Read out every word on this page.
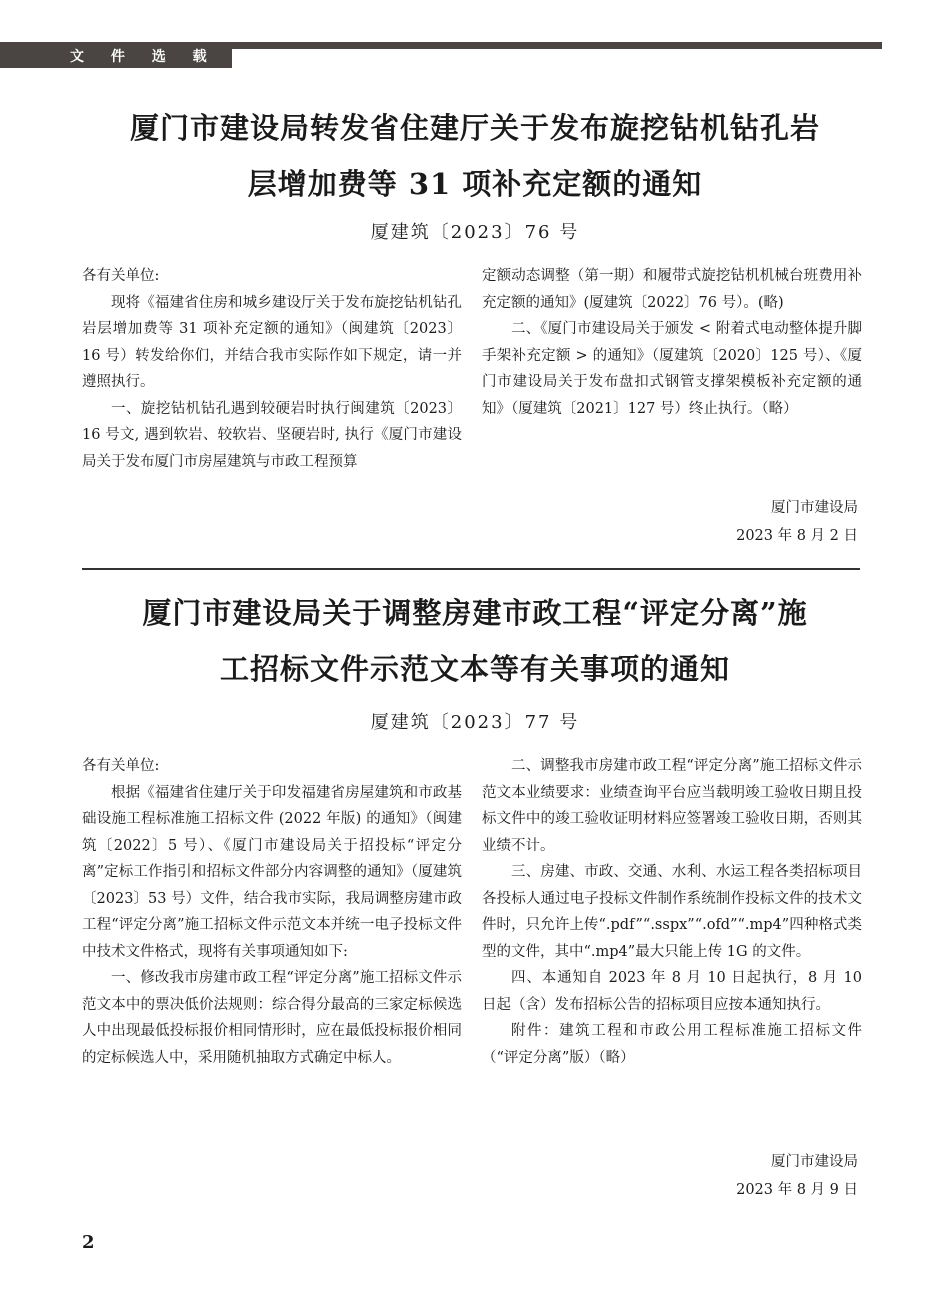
文 件 选 载
厦门市建设局转发省住建厅关于发布旋挖钻机钻孔岩
层增加费等 31 项补充定额的通知
厦建筑〔2023〕76 号

各有关单位:

现将《福建省住房和城乡建设厅关于发布旋挖钻机钻孔岩层增加费等 31 项补充定额的通知》（闽建筑〔2023〕16 号）转发给你们，并结合我市实际作如下规定，请一并遵照执行。

一、旋挖钻机钻孔遇到较硬岩时执行闽建筑〔2023〕16 号文, 遇到软岩、较软岩、坚硬岩时, 执行《厦门市建设局关于发布厦门市房屋建筑与市政工程预算

定额动态调整（第一期）和履带式旋挖钻机机械台班费用补充定额的通知》(厦建筑〔2022〕76 号）。(略)

二、《厦门市建设局关于颁发 < 附着式电动整体提升脚手架补充定额 > 的通知》（厦建筑〔2020〕125 号）、《厦门市建设局关于发布盘扣式钢管支撑架模板补充定额的通知》（厦建筑〔2021〕127 号）终止执行。（略）

厦门市建设局
2023 年 8 月 2 日
厦门市建设局关于调整房建市政工程“评定分离”施
工招标文件示范文本等有关事项的通知
厦建筑〔2023〕77 号

各有关单位:

根据《福建省住建厅关于印发福建省房屋建筑和市政基础设施工程标准施工招标文件 (2022 年版) 的通知》（闽建筑〔2022〕5 号）、《厦门市建设局关于招投标“评定分离”定标工作指引和招标文件部分内容调整的通知》（厦建筑〔2023〕53 号）文件，结合我市实际，我局调整房建市政工程“评定分离”施工招标文件示范文本并统一电子投标文件中技术文件格式，现将有关事项通知如下:

一、修改我市房建市政工程“评定分离”施工招标文件示范文本中的票决低价法规则：综合得分最高的三家定标候选人中出现最低投标报价相同情形时，应在最低投标报价相同的定标候选人中，采用随机抽取方式确定中标人。

二、调整我市房建市政工程“评定分离”施工招标文件示范文本业绩要求：业绩查询平台应当载明竣工验收日期且投标文件中的竣工验收证明材料应签署竣工验收日期，否则其业绩不计。

三、房建、市政、交通、水利、水运工程各类招标项目各投标人通过电子投标文件制作系统制作投标文件的技术文件时，只允许上传“.pdf”“.sspx”“.ofd”“.mp4”四种格式类型的文件，其中“.mp4”最大只能上传 1G 的文件。

四、本通知自 2023 年 8 月 10 日起执行，8 月 10 日起（含）发布招标公告的招标项目应按本通知执行。

附件：建筑工程和市政公用工程标准施工招标文件（“评定分离”版）（略）

厦门市建设局
2023 年 8 月 9 日
2
